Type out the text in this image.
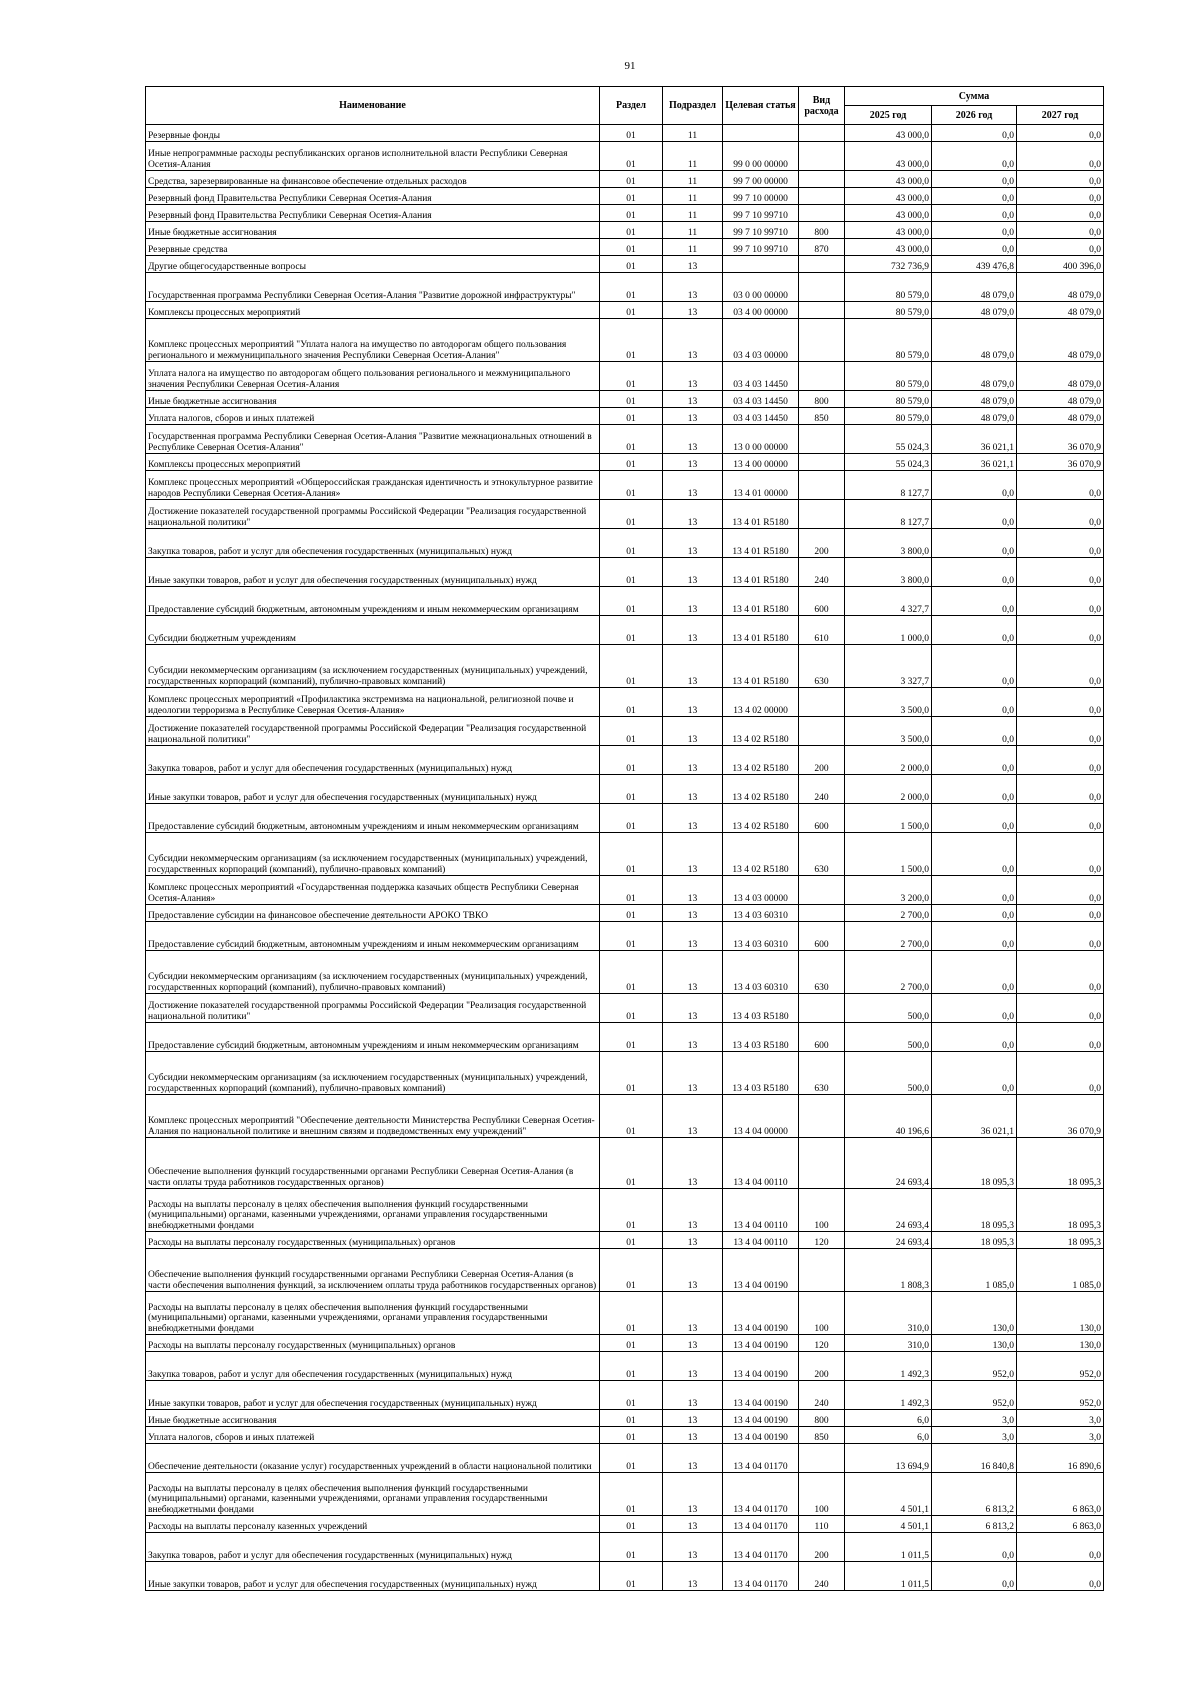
91
Наименование	Раздел	Подраздел	Целевая статья	Вид расхода	Сумма		
					2025 год	2026 год	2027 год
Резервные фонды	01	11			43 000,0	0,0	0,0
Иные непрограммные расходы республиканских органов исполнительной власти Республики Северная Осетия-Алания	01	11	99 0 00 00000		43 000,0	0,0	0,0
Средства, зарезервированные на финансовое обеспечение отдельных расходов	01	11	99 7 00 00000		43 000,0	0,0	0,0
Резервный фонд Правительства Республики Северная Осетия-Алания	01	11	99 7 10 00000		43 000,0	0,0	0,0
Резервный фонд Правительства Республики Северная Осетия-Алания	01	11	99 7 10 99710		43 000,0	0,0	0,0
Иные бюджетные ассигнования	01	11	99 7 10 99710	800	43 000,0	0,0	0,0
Резервные средства	01	11	99 7 10 99710	870	43 000,0	0,0	0,0
Другие общегосударственные вопросы	01	13			732 736,9	439 476,8	400 396,0
Государственная программа Республики Северная Осетия-Алания "Развитие дорожной инфраструктуры"	01	13	03 0 00 00000		80 579,0	48 079,0	48 079,0
Комплексы процессных мероприятий	01	13	03 4 00 00000		80 579,0	48 079,0	48 079,0
Комплекс процессных мероприятий "Уплата налога на имущество по автодорогам общего пользования регионального и межмуниципального значения Республики Северная Осетия-Алания"	01	13	03 4 03 00000		80 579,0	48 079,0	48 079,0
Уплата налога на имущество по автодорогам общего пользования регионального и межмуниципального значения Республики Северная Осетия-Алания	01	13	03 4 03 14450		80 579,0	48 079,0	48 079,0
Иные бюджетные ассигнования	01	13	03 4 03 14450	800	80 579,0	48 079,0	48 079,0
Уплата налогов, сборов и иных платежей	01	13	03 4 03 14450	850	80 579,0	48 079,0	48 079,0
Государственная программа Республики Северная Осетия-Алания "Развитие межнациональных отношений в Республике Северная Осетия-Алания"	01	13	13 0 00 00000		55 024,3	36 021,1	36 070,9
Комплексы процессных мероприятий	01	13	13 4 00 00000		55 024,3	36 021,1	36 070,9
Комплекс процессных мероприятий «Общероссийская гражданская идентичность и этнокультурное развитие народов Республики Северная Осетия-Алания»	01	13	13 4 01 00000		8 127,7	0,0	0,0
Достижение показателей государственной программы Российской Федерации "Реализация государственной национальной политики"	01	13	13 4 01 R5180		8 127,7	0,0	0,0
Закупка товаров, работ и услуг для обеспечения государственных (муниципальных) нужд	01	13	13 4 01 R5180	200	3 800,0	0,0	0,0
Иные закупки товаров, работ и услуг для обеспечения государственных (муниципальных) нужд	01	13	13 4 01 R5180	240	3 800,0	0,0	0,0
Предоставление субсидий бюджетным, автономным учреждениям и иным некоммерческим организациям	01	13	13 4 01 R5180	600	4 327,7	0,0	0,0
Субсидии бюджетным учреждениям	01	13	13 4 01 R5180	610	1 000,0	0,0	0,0
Субсидии некоммерческим организациям (за исключением государственных (муниципальных) учреждений, государственных корпораций (компаний), публично-правовых компаний)	01	13	13 4 01 R5180	630	3 327,7	0,0	0,0
Комплекс процессных мероприятий «Профилактика экстремизма на национальной, религиозной почве и идеологии терроризма в Республике Северная Осетия-Алания»	01	13	13 4 02 00000		3 500,0	0,0	0,0
Достижение показателей государственной программы Российской Федерации "Реализация государственной национальной политики"	01	13	13 4 02 R5180		3 500,0	0,0	0,0
Закупка товаров, работ и услуг для обеспечения государственных (муниципальных) нужд	01	13	13 4 02 R5180	200	2 000,0	0,0	0,0
Иные закупки товаров, работ и услуг для обеспечения государственных (муниципальных) нужд	01	13	13 4 02 R5180	240	2 000,0	0,0	0,0
Предоставление субсидий бюджетным, автономным учреждениям и иным некоммерческим организациям	01	13	13 4 02 R5180	600	1 500,0	0,0	0,0
Субсидии некоммерческим организациям (за исключением государственных (муниципальных) учреждений, государственных корпораций (компаний), публично-правовых компаний)	01	13	13 4 02 R5180	630	1 500,0	0,0	0,0
Комплекс процессных мероприятий «Государственная поддержка казачьих обществ Республики Северная Осетия-Алания»	01	13	13 4 03 00000		3 200,0	0,0	0,0
Предоставление субсидии на финансовое обеспечение деятельности АРОКО ТВКО	01	13	13 4 03 60310		2 700,0	0,0	0,0
Предоставление субсидий бюджетным, автономным учреждениям и иным некоммерческим организациям	01	13	13 4 03 60310	600	2 700,0	0,0	0,0
Субсидии некоммерческим организациям (за исключением государственных (муниципальных) учреждений, государственных корпораций (компаний), публично-правовых компаний)	01	13	13 4 03 60310	630	2 700,0	0,0	0,0
Достижение показателей государственной программы Российской Федерации "Реализация государственной национальной политики"	01	13	13 4 03 R5180		500,0	0,0	0,0
Предоставление субсидий бюджетным, автономным учреждениям и иным некоммерческим организациям	01	13	13 4 03 R5180	600	500,0	0,0	0,0
Субсидии некоммерческим организациям (за исключением государственных (муниципальных) учреждений, государственных корпораций (компаний), публично-правовых компаний)	01	13	13 4 03 R5180	630	500,0	0,0	0,0
Комплекс процессных мероприятий "Обеспечение деятельности Министерства Республики Северная Осетия-Алания по национальной политике и внешним связям и подведомственных ему учреждений"	01	13	13 4 04 00000		40 196,6	36 021,1	36 070,9
Обеспечение выполнения функций государственными органами Республики Северная Осетия-Алания (в части оплаты труда работников государственных органов)	01	13	13 4 04 00110		24 693,4	18 095,3	18 095,3
Расходы на выплаты персоналу в целях обеспечения выполнения функций государственными (муниципальными) органами, казенными учреждениями, органами управления государственными внебюджетными фондами	01	13	13 4 04 00110	100	24 693,4	18 095,3	18 095,3
Расходы на выплаты персоналу государственных (муниципальных) органов	01	13	13 4 04 00110	120	24 693,4	18 095,3	18 095,3
Обеспечение выполнения функций государственными органами Республики Северная Осетия-Алания (в части обеспечения выполнения функций, за исключением оплаты труда работников государственных органов)	01	13	13 4 04 00190		1 808,3	1 085,0	1 085,0
Расходы на выплаты персоналу в целях обеспечения выполнения функций государственными (муниципальными) органами, казенными учреждениями, органами управления государственными внебюджетными фондами	01	13	13 4 04 00190	100	310,0	130,0	130,0
Расходы на выплаты персоналу государственных (муниципальных) органов	01	13	13 4 04 00190	120	310,0	130,0	130,0
Закупка товаров, работ и услуг для обеспечения государственных (муниципальных) нужд	01	13	13 4 04 00190	200	1 492,3	952,0	952,0
Иные закупки товаров, работ и услуг для обеспечения государственных (муниципальных) нужд	01	13	13 4 04 00190	240	1 492,3	952,0	952,0
Иные бюджетные ассигнования	01	13	13 4 04 00190	800	6,0	3,0	3,0
Уплата налогов, сборов и иных платежей	01	13	13 4 04 00190	850	6,0	3,0	3,0
Обеспечение деятельности (оказание услуг) государственных учреждений в области национальной политики	01	13	13 4 04 01170		13 694,9	16 840,8	16 890,6
Расходы на выплаты персоналу в целях обеспечения выполнения функций государственными (муниципальными) органами, казенными учреждениями, органами управления государственными внебюджетными фондами	01	13	13 4 04 01170	100	4 501,1	6 813,2	6 863,0
Расходы на выплаты персоналу казенных учреждений	01	13	13 4 04 01170	110	4 501,1	6 813,2	6 863,0
Закупка товаров, работ и услуг для обеспечения государственных (муниципальных) нужд	01	13	13 4 04 01170	200	1 011,5	0,0	0,0
Иные закупки товаров, работ и услуг для обеспечения государственных (муниципальных) нужд	01	13	13 4 04 01170	240	1 011,5	0,0	0,0
